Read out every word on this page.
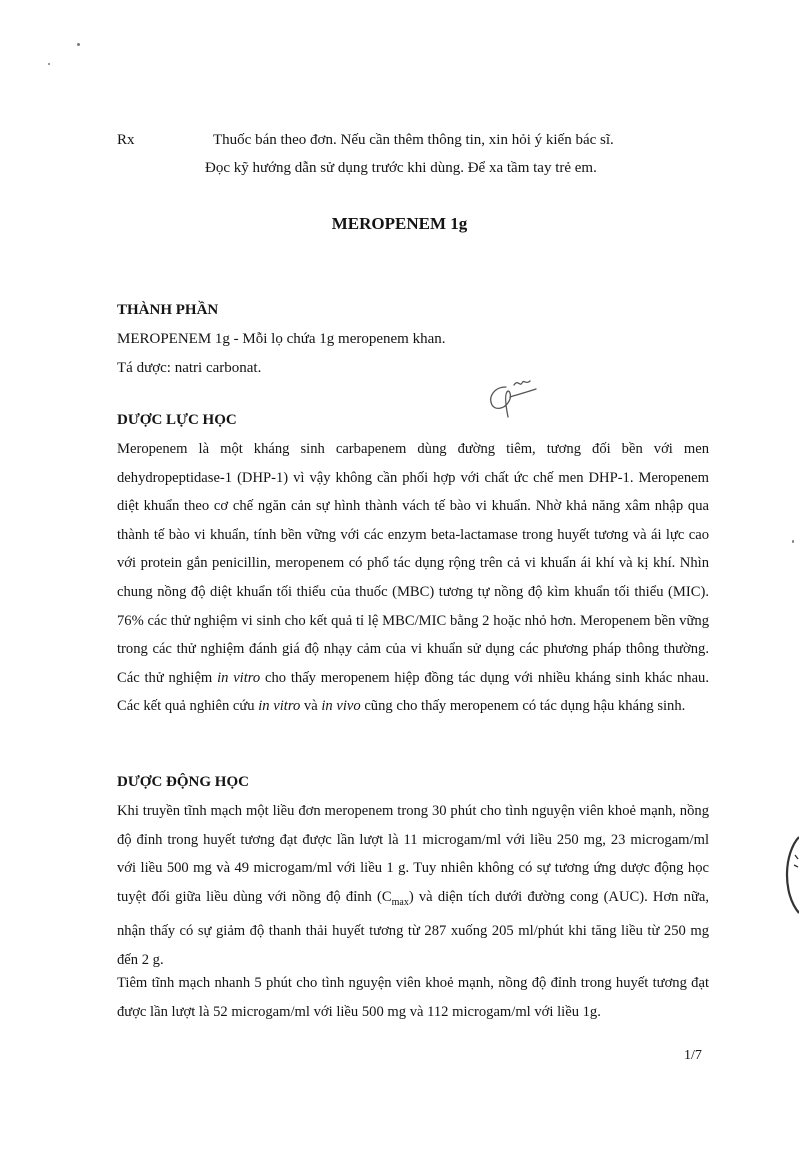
Rx	Thuốc bán theo đơn. Nếu cần thêm thông tin, xin hỏi ý kiến bác sĩ.
Đọc kỹ hướng dẫn sử dụng trước khi dùng. Để xa tầm tay trẻ em.
MEROPENEM 1g
THÀNH PHẦN
MEROPENEM 1g - Mỗi lọ chứa 1g meropenem khan.
Tá dược: natri carbonat.
DƯỢC LỰC HỌC
Meropenem là một kháng sinh carbapenem dùng đường tiêm, tương đối bền với men dehydropeptidase-1 (DHP-1) vì vậy không cần phối hợp với chất ức chế men DHP-1. Meropenem diệt khuẩn theo cơ chế ngăn cản sự hình thành vách tế bào vi khuẩn. Nhờ khả năng xâm nhập qua thành tế bào vi khuẩn, tính bền vững với các enzym beta-lactamase trong huyết tương và ái lực cao với protein gắn penicillin, meropenem có phổ tác dụng rộng trên cả vi khuẩn ái khí và kị khí. Nhìn chung nồng độ diệt khuẩn tối thiểu của thuốc (MBC) tương tự nồng độ kìm khuẩn tối thiểu (MIC). 76% các thử nghiệm vi sinh cho kết quả tỉ lệ MBC/MIC bằng 2 hoặc nhỏ hơn. Meropenem bền vững trong các thử nghiệm đánh giá độ nhạy cảm của vi khuẩn sử dụng các phương pháp thông thường. Các thử nghiệm in vitro cho thấy meropenem hiệp đồng tác dụng với nhiều kháng sinh khác nhau. Các kết quả nghiên cứu in vitro và in vivo cũng cho thấy meropenem có tác dụng hậu kháng sinh.
DƯỢC ĐỘNG HỌC
Khi truyền tĩnh mạch một liều đơn meropenem trong 30 phút cho tình nguyện viên khoẻ mạnh, nồng độ đỉnh trong huyết tương đạt được lần lượt là 11 microgam/ml với liều 250 mg, 23 microgam/ml với liều 500 mg và 49 microgam/ml với liều 1 g. Tuy nhiên không có sự tương ứng dược động học tuyệt đối giữa liều dùng với nồng độ đỉnh $(C_{max})$ và diện tích dưới đường cong (AUC). Hơn nữa, nhận thấy có sự giảm độ thanh thải huyết tương từ 287 xuống 205 ml/phút khi tăng liều từ 250 mg đến 2 g.
Tiêm tĩnh mạch nhanh 5 phút cho tình nguyện viên khoẻ mạnh, nồng độ đỉnh trong huyết tương đạt được lần lượt là 52 microgam/ml với liều 500 mg và 112 microgam/ml với liều 1g.
1/7
